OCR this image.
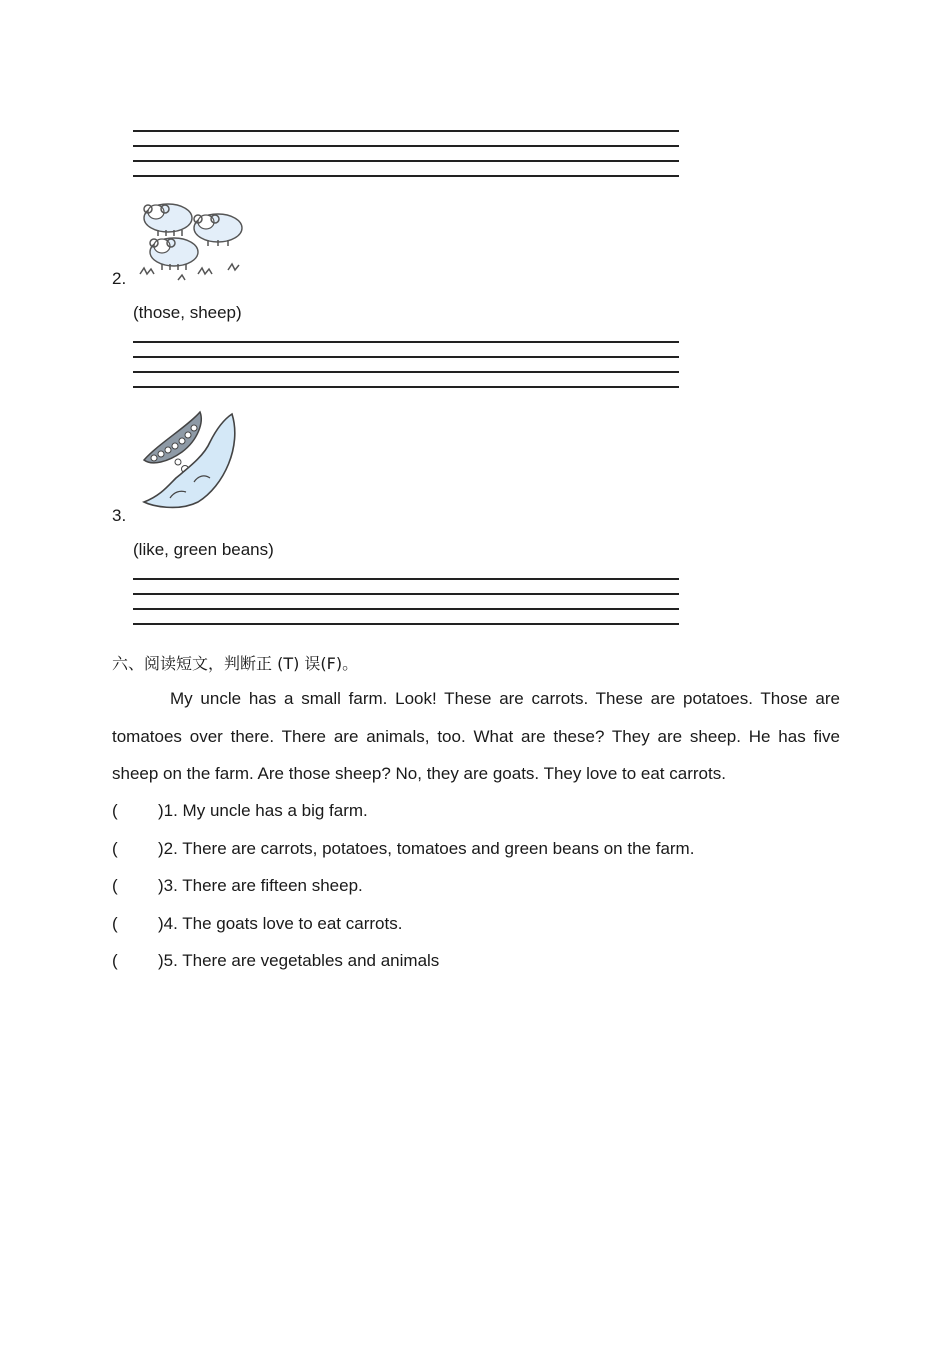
2.
(those, sheep)
3.
(like, green beans)
六、阅读短文，判断正 (T) 误(F)。
My uncle has a small farm. Look! These are carrots. These are potatoes. Those are tomatoes over there. There are animals, too. What are these? They are sheep. He has five sheep on the farm. Are those sheep? No, they are goats. They love to eat carrots.
( )1. My uncle has a big farm.
( )2. There are carrots, potatoes, tomatoes and green beans on the farm.
( )3. There are fifteen sheep.
( )4. The goats love to eat carrots.
( )5. There are vegetables and animals
